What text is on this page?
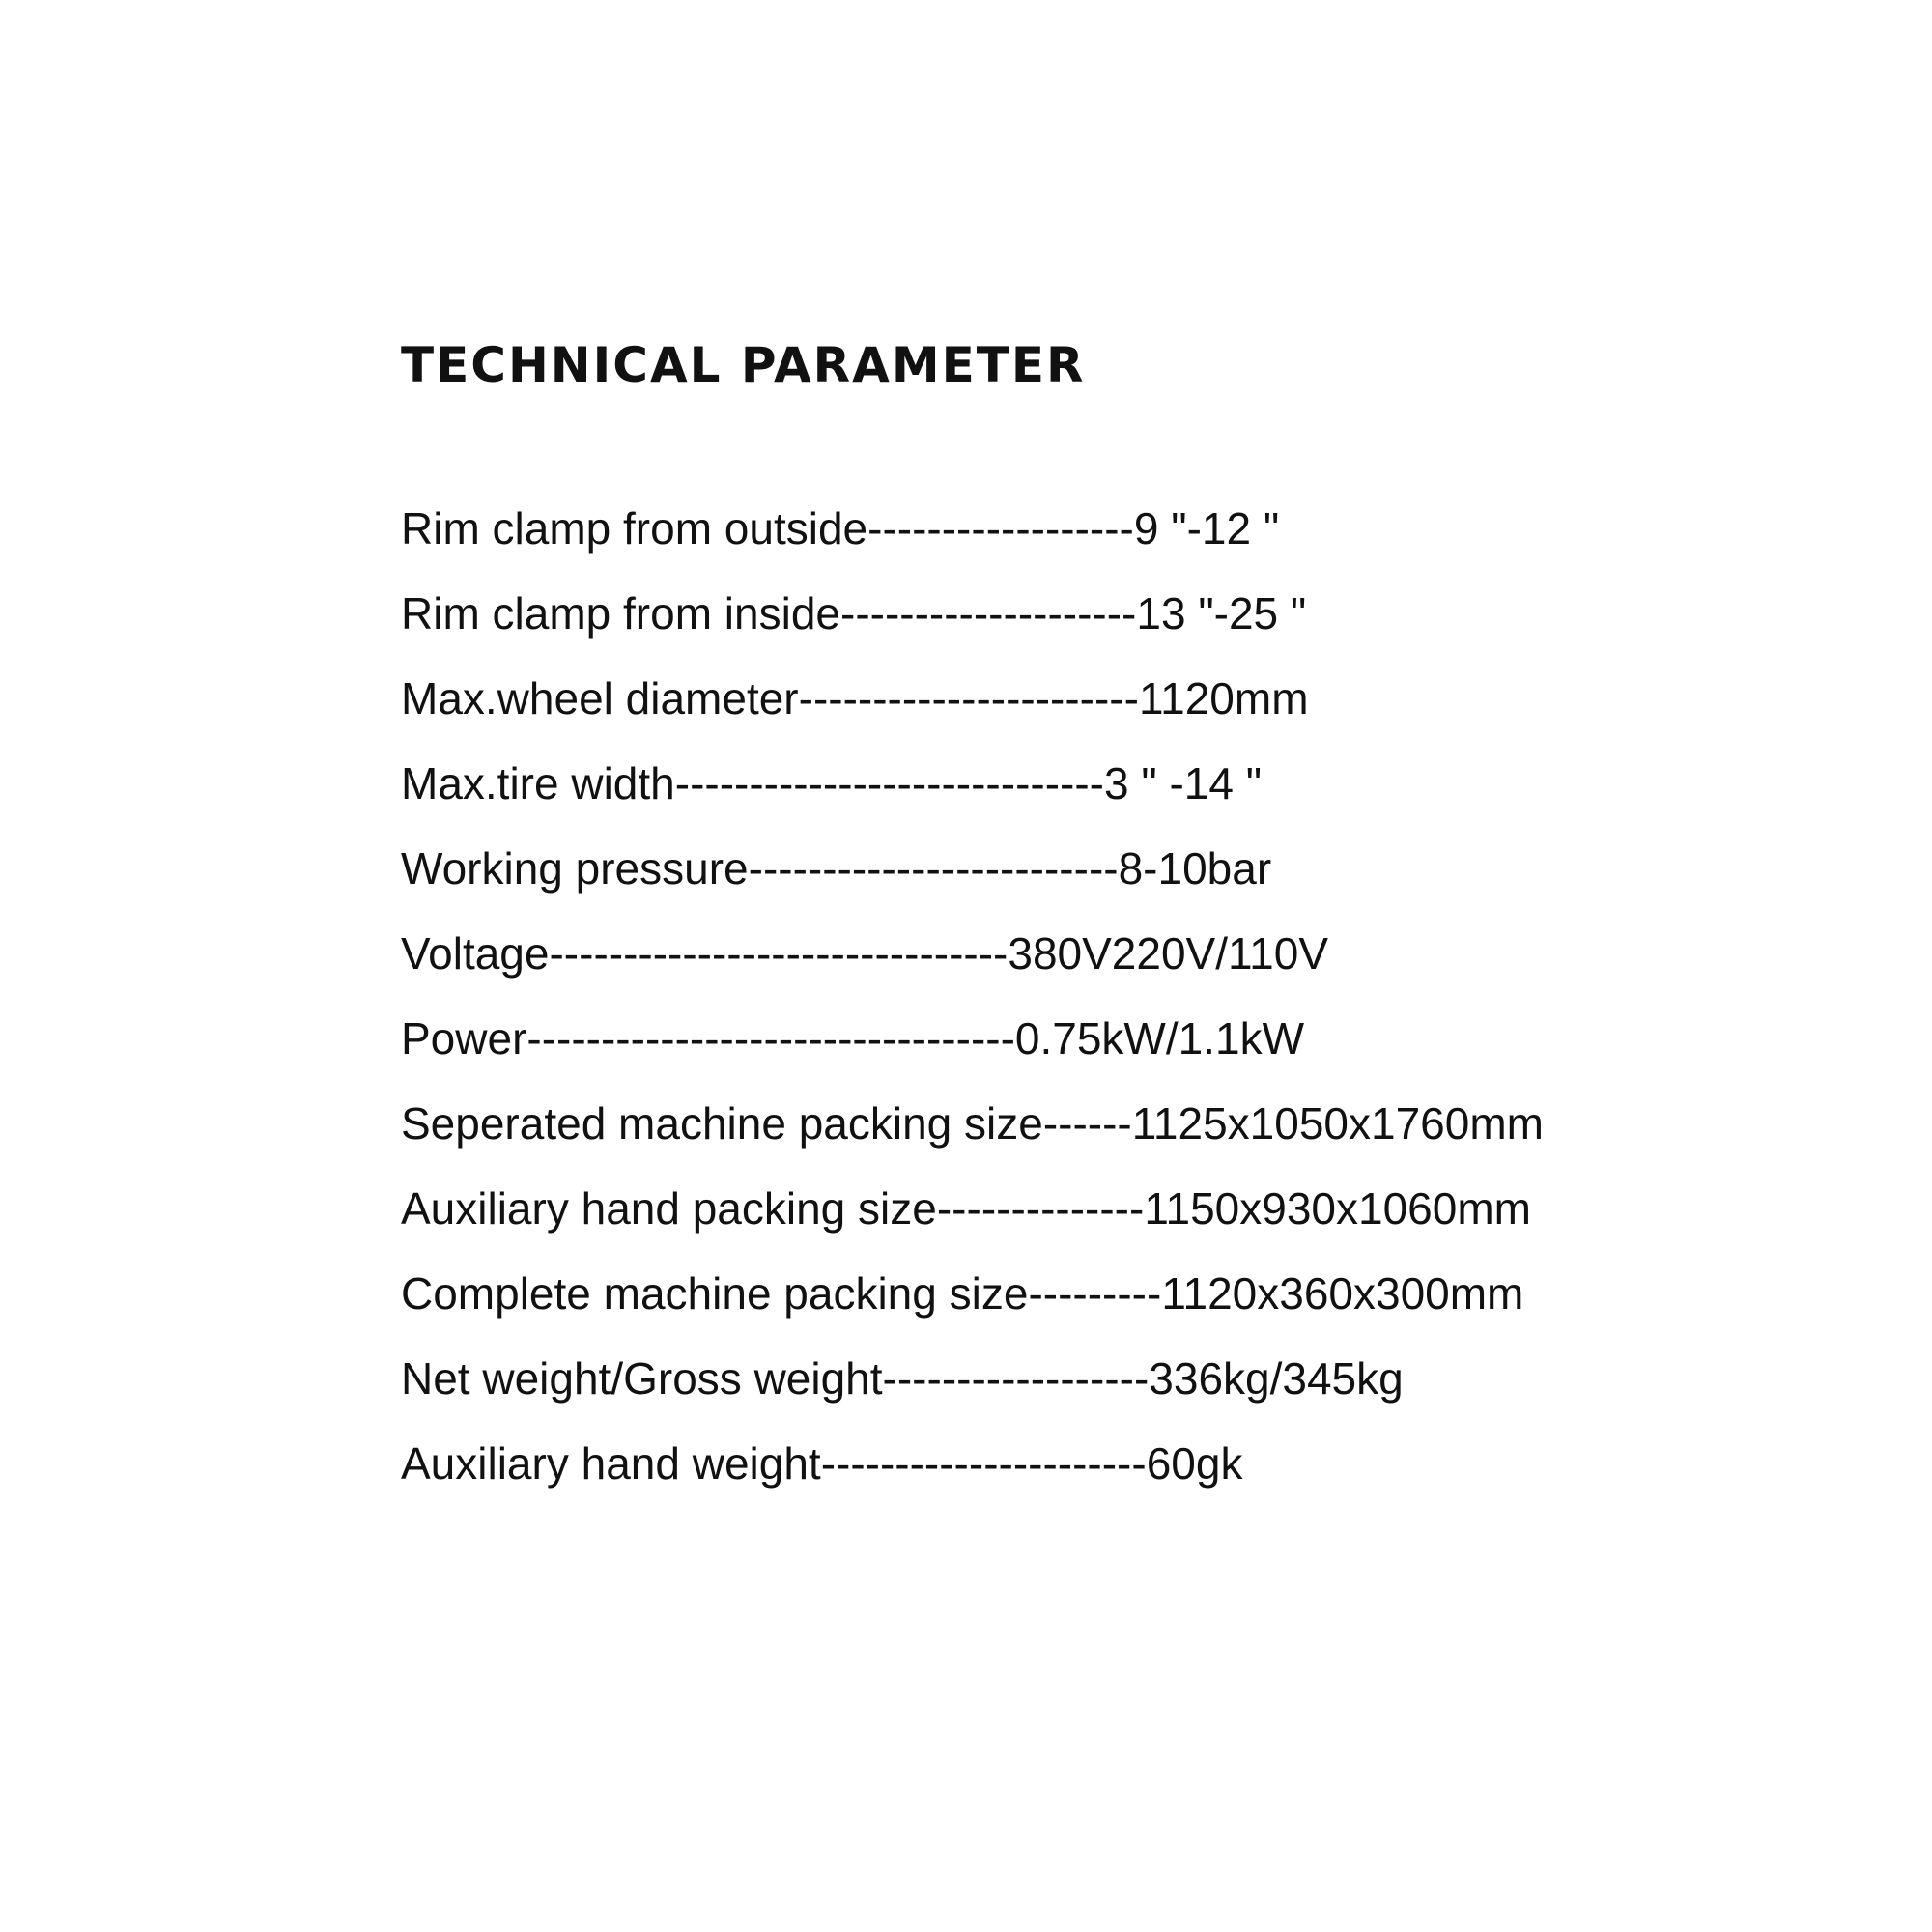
TECHNICAL PARAMETER
Rim clamp from outside------------------9 "-12 "
Rim clamp from inside--------------------13 "-25 "
Max.wheel diameter-----------------------1120mm
Max.tire width-----------------------------3 " -14 "
Working pressure-------------------------8-10bar
Voltage-------------------------------380V220V/110V
Power---------------------------------0.75kW/1.1kW
Seperated machine packing size------1125x1050x1760mm
Auxiliary hand packing size--------------1150x930x1060mm
Complete machine packing size---------1120x360x300mm
Net weight/Gross weight------------------336kg/345kg
Auxiliary hand weight----------------------60gk
